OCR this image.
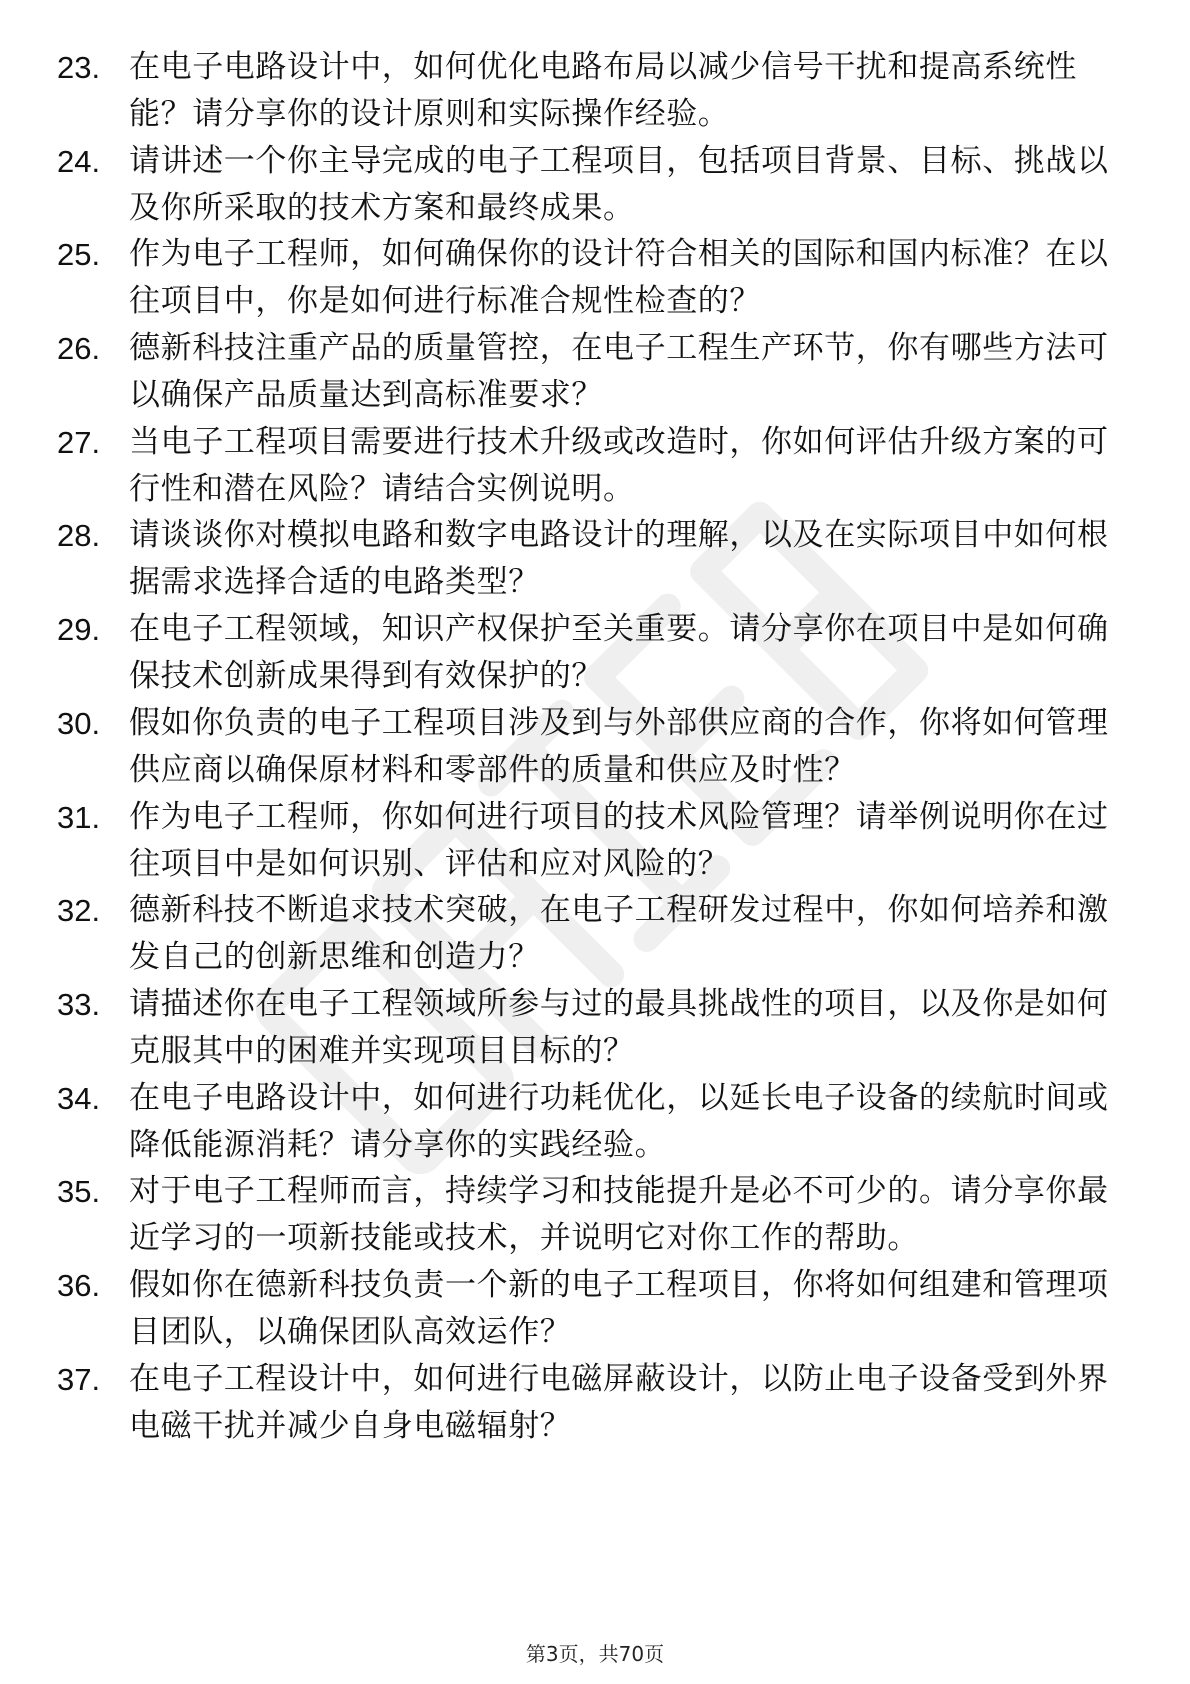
23. 在电子电路设计中，如何优化电路布局以减少信号干扰和提高系统性能？请分享你的设计原则和实际操作经验。
24. 请讲述一个你主导完成的电子工程项目，包括项目背景、目标、挑战以及你所采取的技术方案和最终成果。
25. 作为电子工程师，如何确保你的设计符合相关的国际和国内标准？在以往项目中，你是如何进行标准合规性检查的？
26. 德新科技注重产品的质量管控，在电子工程生产环节，你有哪些方法可以确保产品质量达到高标准要求？
27. 当电子工程项目需要进行技术升级或改造时，你如何评估升级方案的可行性和潜在风险？请结合实例说明。
28. 请谈谈你对模拟电路和数字电路设计的理解，以及在实际项目中如何根据需求选择合适的电路类型？
29. 在电子工程领域，知识产权保护至关重要。请分享你在项目中是如何确保技术创新成果得到有效保护的？
30. 假如你负责的电子工程项目涉及到与外部供应商的合作，你将如何管理供应商以确保原材料和零部件的质量和供应及时性？
31. 作为电子工程师，你如何进行项目的技术风险管理？请举例说明你在过往项目中是如何识别、评估和应对风险的？
32. 德新科技不断追求技术突破，在电子工程研发过程中，你如何培养和激发自己的创新思维和创造力？
33. 请描述你在电子工程领域所参与过的最具挑战性的项目，以及你是如何克服其中的困难并实现项目目标的？
34. 在电子电路设计中，如何进行功耗优化，以延长电子设备的续航时间或降低能源消耗？请分享你的实践经验。
35. 对于电子工程师而言，持续学习和技能提升是必不可少的。请分享你最近学习的一项新技能或技术，并说明它对你工作的帮助。
36. 假如你在德新科技负责一个新的电子工程项目，你将如何组建和管理项目团队，以确保团队高效运作？
37. 在电子工程设计中，如何进行电磁屏蔽设计，以防止电子设备受到外界电磁干扰并减少自身电磁辐射？
第3页，共70页
